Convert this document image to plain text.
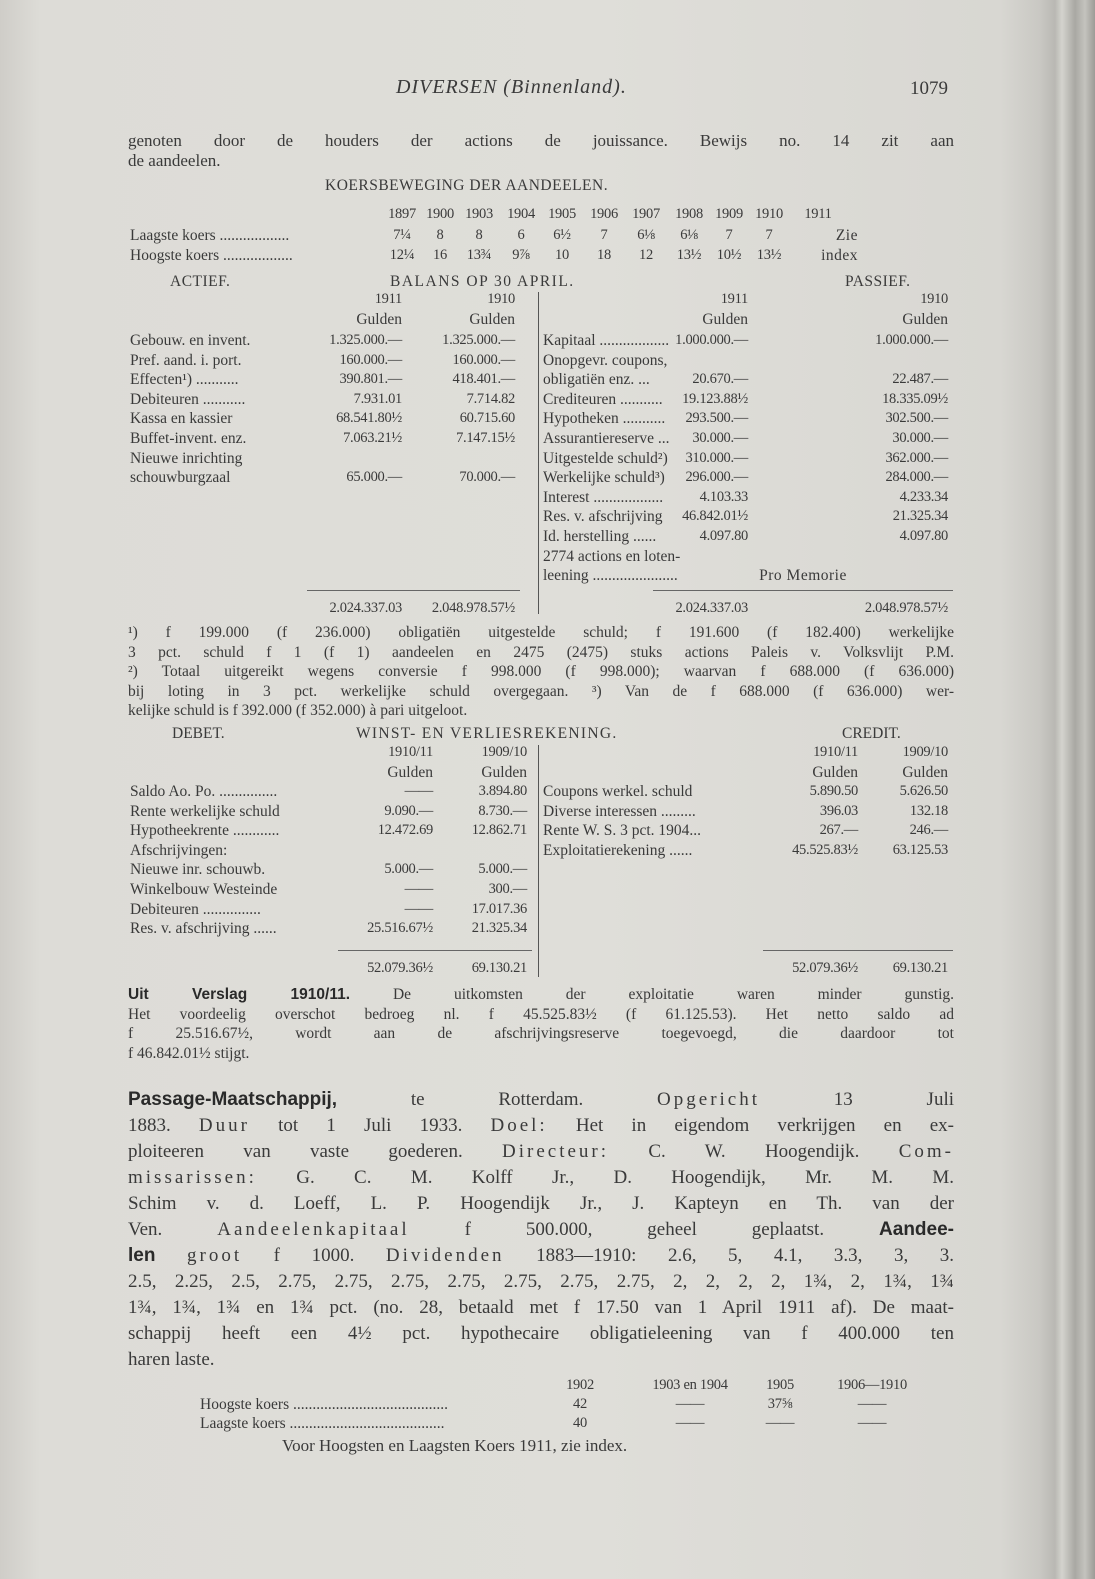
DIVERSEN (Binnenland).	1079
genoten door de houders der actions de jouissance. Bewijs no. 14 zit aan
de aandeelen.
KOERSBEWEGING DER AANDEELEN.
1897 1900 1903 1904 1905 1906 1907	1908 1909 1910	1911
Laagste koers ..................	7¼	8	8	6	6½	7	6⅛	6⅛	7	7	Zie
Hoogste koers ..................	12¼	16	13¾	9⅞	10	18	12	13½	10½	13½	index
ACTIEF.	BALANS OP 30 APRIL.	PASSIEF.
1911
Gulden
1910
Gulden
1911
Gulden
1910
Gulden
Gebouw. en invent.	1.325.000.—	1.325.000.—
Pref. aand. i. port.	160.000.—	160.000.—
Effecten¹) ...........	390.801.—	418.401.—
Debiteuren ...........	7.931.01	7.714.82
Kassa en kassier	68.541.80½	60.715.60
Buffet-invent. enz.	7.063.21½	7.147.15½
Nieuwe inrichting
schouwburgzaal	65.000.—	70.000.—
Kapitaal .................. 1.000.000.—	1.000.000.—
Onopgevr. coupons,
obligatiën enz. ...	20.670.—	22.487.—
Crediteuren ...........	19.123.88½	18.335.09½
Hypotheken ...........	293.500.—	302.500.—
Assurantiereserve ...	30.000.—	30.000.—
Uitgestelde schuld²)	310.000.—	362.000.—
Werkelijke schuld³)	296.000.—	284.000.—
Interest ..................	4.103.33	4.233.34
Res. v. afschrijving	46.842.01½	21.325.34
Id. herstelling ......	4.097.80	4.097.80
2774 actions en loten-
leening ......................	Pro Memorie
2.024.337.03	2.048.978.57½	2.024.337.03	2.048.978.57½
¹) f 199.000 (f 236.000) obligatiën uitgestelde schuld; f 191.600 (f 182.400) werkelijke
3 pct. schuld f 1 (f 1) aandeelen en 2475 (2475) stuks actions Paleis v. Volksvlijt P.M.
²) Totaal uitgereikt wegens conversie f 998.000 (f 998.000); waarvan f 688.000 (f 636.000)
bij loting in 3 pct. werkelijke schuld overgegaan. ³) Van de f 688.000 (f 636.000) wer-
kelijke schuld is f 392.000 (f 352.000) à pari uitgeloot.
DEBET.	WINST- EN VERLIESREKENING.	CREDIT.
1910/11
Gulden
1909/10
Gulden
1910/11
Gulden
1909/10
Gulden
Saldo Ao. Po. ...............	——	3.894.80
Rente werkelijke schuld	9.090.—	8.730.—
Hypotheekrente ............	12.472.69	12.862.71
Afschrijvingen:
Nieuwe inr. schouwb.	5.000.—	5.000.—
Winkelbouw Westeinde	——	300.—
Debiteuren ...............	——	17.017.36
Res. v. afschrijving ......	25.516.67½	21.325.34
Coupons werkel. schuld	5.890.50	5.626.50
Diverse interessen .........	396.03	132.18
Rente W. S. 3 pct. 1904...	267.—	246.—
Exploitatierekening ......	45.525.83½	63.125.53
52.079.36½	69.130.21	52.079.36½	69.130.21
Uit Verslag 1910/11. De uitkomsten der exploitatie waren minder gunstig.
Het voordeelig overschot bedroeg nl. f 45.525.83½ (f 61.125.53). Het netto saldo ad
f 25.516.67½, wordt aan de afschrijvingsreserve toegevoegd, die daardoor tot
f 46.842.01½ stijgt.
Passage-Maatschappij, te Rotterdam. Opgericht 13 Juli
1883. Duur tot 1 Juli 1933. Doel: Het in eigendom verkrijgen en ex-
ploiteeren van vaste goederen. Directeur: C. W. Hoogendijk. Com-
missarissen: G. C. M. Kolff Jr., D. Hoogendijk, Mr. M. M.
Schim v. d. Loeff, L. P. Hoogendijk Jr., J. Kapteyn en Th. van der
Ven. Aandeelenkapitaal f 500.000, geheel geplaatst. Aandee-
len groot f 1000. Dividenden 1883—1910: 2.6, 5, 4.1, 3.3, 3, 3.
2.5, 2.25, 2.5, 2.75, 2.75, 2.75, 2.75, 2.75, 2.75, 2.75, 2, 2, 2, 2, 1¾, 2, 1¾, 1¾
1¾, 1¾, 1¾ en 1¾ pct. (no. 28, betaald met f 17.50 van 1 April 1911 af). De maat-
schappij heeft een 4½ pct. hypothecaire obligatieleening van f 400.000 ten
haren laste.
1902	1903 en 1904	1905	1906—1910
Hoogste koers ........................................	42	——	37⅝	——
Laagste koers ........................................	40	——	——	——
Voor Hoogsten en Laagsten Koers 1911, zie index.
